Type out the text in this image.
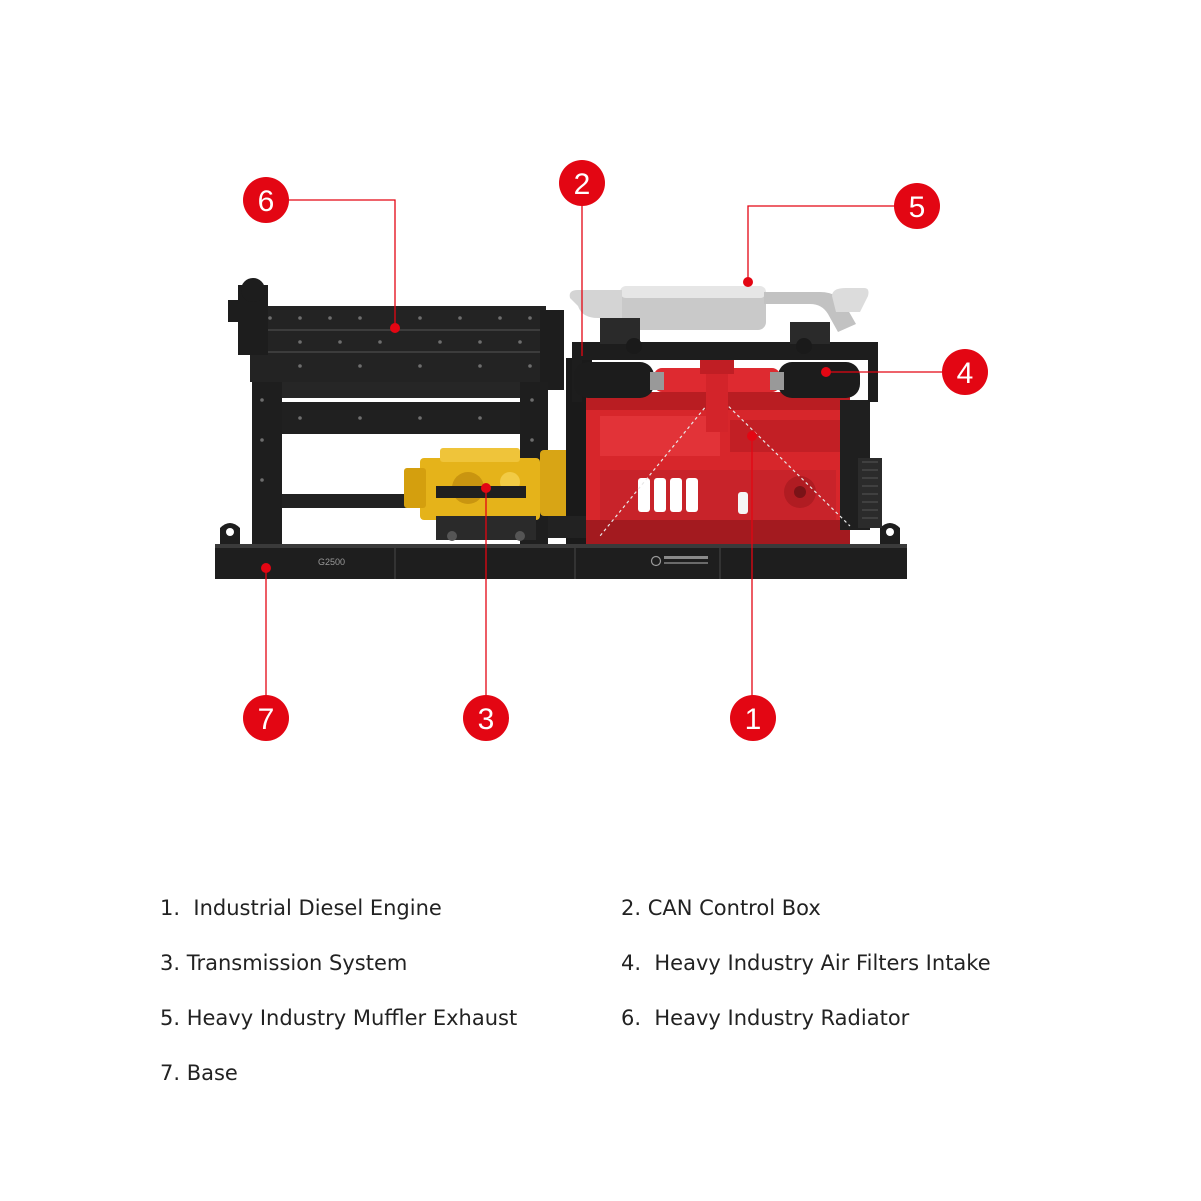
G2500
6
2
5
4
7	3	1
1.  Industrial Diesel Engine	2. CAN Control Box
3. Transmission System	4.  Heavy Industry Air Filters Intake
5. Heavy Industry Muffler Exhaust	6.  Heavy Industry Radiator
7. Base
